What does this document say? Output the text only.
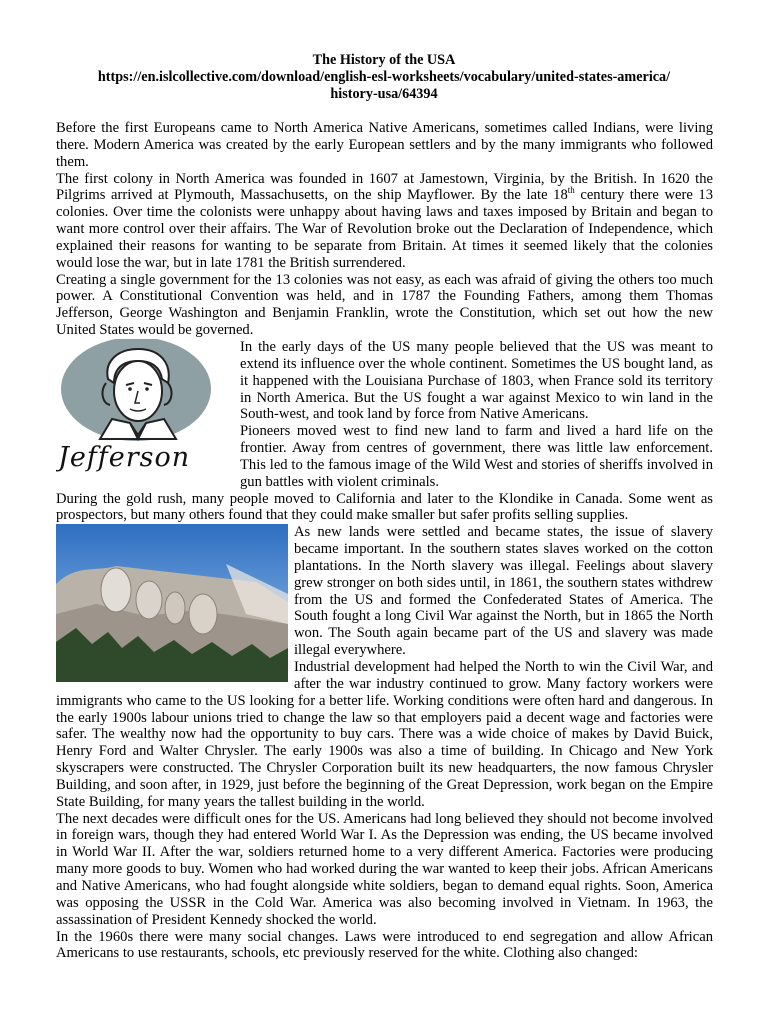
The History of the USA
https://en.islcollective.com/download/english-esl-worksheets/vocabulary/united-states-america/
history-usa/64394

Before the first Europeans came to North America Native Americans, sometimes called Indians, were living there. Modern America was created by the early European settlers and by the many immigrants who followed them.

The first colony in North America was founded in 1607 at Jamestown, Virginia, by the British. In 1620 the Pilgrims arrived at Plymouth, Massachusetts, on the ship Mayflower. By the late 18th century there were 13 colonies. Over time the colonists were unhappy about having laws and taxes imposed by Britain and began to want more control over their affairs. The War of Revolution broke out the Declaration of Independence, which explained their reasons for wanting to be separate from Britain. At times it seemed likely that the colonies would lose the war, but in late 1781 the British surrendered.

Creating a single government for the 13 colonies was not easy, as each was afraid of giving the others too much power. A Constitutional Convention was held, and in 1787 the Founding Fathers, among them Thomas Jefferson, George Washington and Benjamin Franklin, wrote the Constitution, which set out how the new United States would be governed.

Jefferson

In the early days of the US many people believed that the US was meant to extend its influence over the whole continent. Sometimes the US bought land, as it happened with the Louisiana Purchase of 1803, when France sold its territory in North America. But the US fought a war against Mexico to win land in the South-west, and took land by force from Native Americans.

Pioneers moved west to find new land to farm and lived a hard life on the frontier. Away from centres of government, there was little law enforcement. This led to the famous image of the Wild West and stories of sheriffs involved in gun battles with violent criminals.

During the gold rush, many people moved to California and later to the Klondike in Canada. Some went as prospectors, but many others found that they could make smaller but safer profits selling supplies.

As new lands were settled and became states, the issue of slavery became important. In the southern states slaves worked on the cotton plantations. In the North slavery was illegal. Feelings about slavery grew stronger on both sides until, in 1861, the southern states withdrew from the US and formed the Confederated States of America. The South fought a long Civil War against the North, but in 1865 the North won. The South again became part of the US and slavery was made illegal everywhere.

Industrial development had helped the North to win the Civil War, and after the war industry continued to grow. Many factory workers were immigrants who came to the US looking for a better life. Working conditions were often hard and dangerous. In the early 1900s labour unions tried to change the law so that employers paid a decent wage and factories were safer. The wealthy now had the opportunity to buy cars. There was a wide choice of makes by David Buick, Henry Ford and Walter Chrysler. The early 1900s was also a time of building. In Chicago and New York skyscrapers were constructed. The Chrysler Corporation built its new headquarters, the now famous Chrysler Building, and soon after, in 1929, just before the beginning of the Great Depression, work began on the Empire State Building, for many years the tallest building in the world.

The next decades were difficult ones for the US. Americans had long believed they should not become involved in foreign wars, though they had entered World War I. As the Depression was ending, the US became involved in World War II. After the war, soldiers returned home to a very different America. Factories were producing many more goods to buy. Women who had worked during the war wanted to keep their jobs. African Americans and Native Americans, who had fought alongside white soldiers, began to demand equal rights. Soon, America was opposing the USSR in the Cold War. America was also becoming involved in Vietnam. In 1963, the assassination of President Kennedy shocked the world.

In the 1960s there were many social changes. Laws were introduced to end segregation and allow African Americans to use restaurants, schools, etc previously reserved for the white. Clothing also changed:
